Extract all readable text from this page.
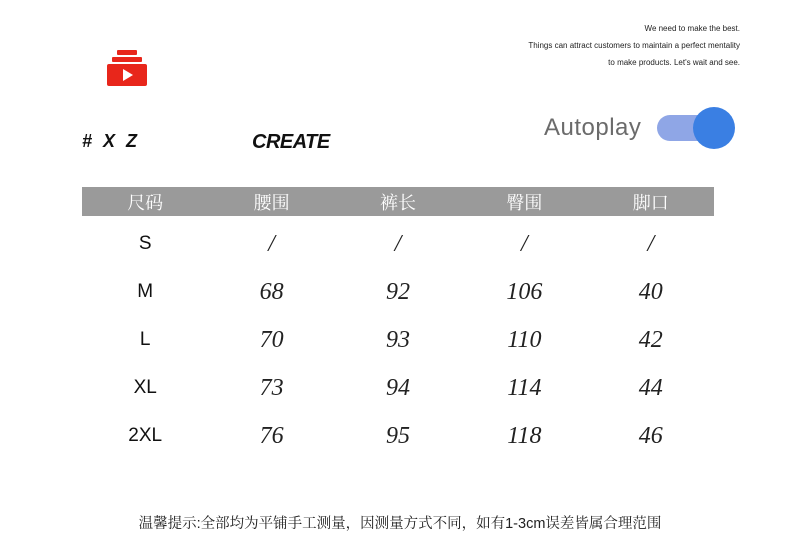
We need to make the best.
Things can attract customers to maintain a perfect mentality
to make products. Let's wait and see.
# X Z	CREATE
Autoplay
尺码	腰围	裤长	臀围	脚口
S	/	/	/	/
M	68	92	106	40
L	70	93	110	42
XL	73	94	114	44
2XL	76	95	118	46
温馨提示:全部均为平铺手工测量，因测量方式不同，如有1-3cm误差皆属合理范围
